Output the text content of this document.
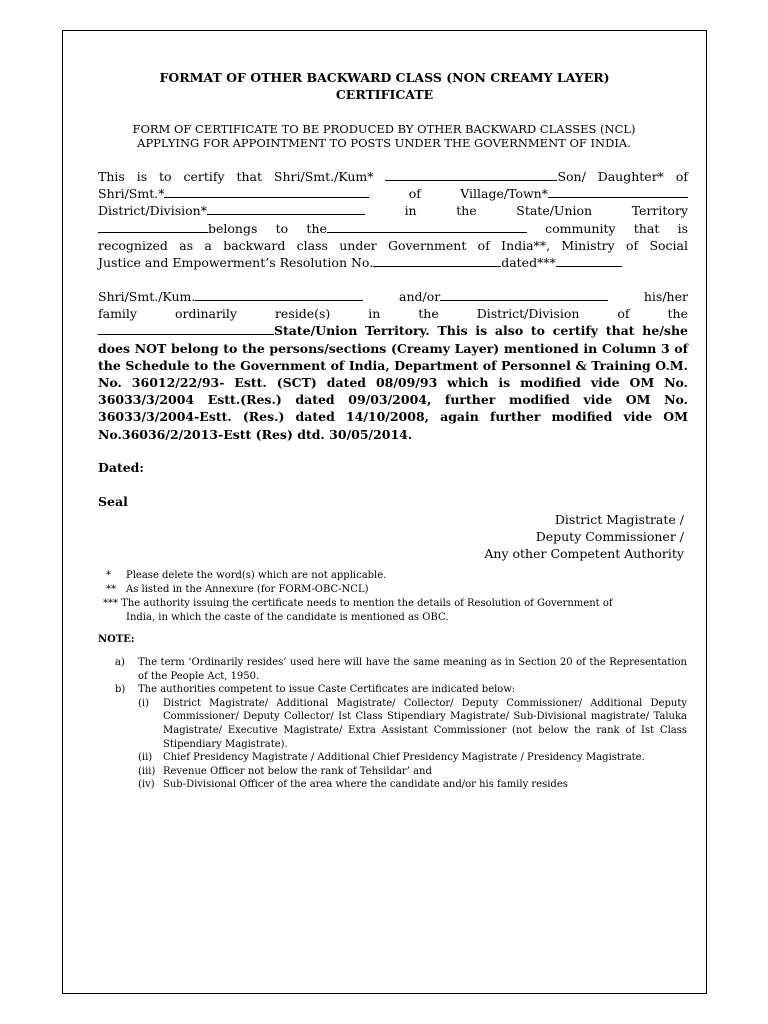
FORMAT OF OTHER BACKWARD CLASS (NON CREAMY LAYER)
CERTIFICATE
FORM OF CERTIFICATE TO BE PRODUCED BY OTHER BACKWARD CLASSES (NCL)
APPLYING FOR APPOINTMENT TO POSTS UNDER THE GOVERNMENT OF INDIA.
This is to certify that Shri/Smt./Kum*	Son/ Daughter* of
Shri/Smt.*	of	Village/Town*
District/Division*	in	the	State/Union	Territory
belongs to the	community that is
recognized as a backward class under Government of India**, Ministry of Social
Justice and Empowerment’s Resolution No.	dated***
Shri/Smt./Kum.	and/or	his/her
family	ordinarily	reside(s)	in	the	District/Division	of	the
State/Union Territory. This is also to certify that he/she
does NOT belong to the persons/sections (Creamy Layer) mentioned in Column 3 of
the Schedule to the Government of India, Department of Personnel & Training O.M.
No. 36012/22/93- Estt. (SCT) dated 08/09/93 which is modified vide OM No.
36033/3/2004 Estt.(Res.) dated 09/03/2004, further modified vide OM No.
36033/3/2004-Estt. (Res.) dated 14/10/2008, again further modified vide OM
No.36036/2/2013-Estt (Res) dtd. 30/05/2014.
Dated:
Seal
District Magistrate /
Deputy Commissioner /
Any other Competent Authority
*	Please delete the word(s) which are not applicable.
**	As listed in the Annexure (for FORM-OBC-NCL)
***
The authority issuing the certificate needs to mention the details of Resolution of Government of
India, in which the caste of the candidate is mentioned as OBC.
NOTE:
a)	The term ‘Ordinarily resides’ used here will have the same meaning as in Section 20 of the Representation of the People Act, 1950.
b)	The authorities competent to issue Caste Certificates are indicated below:
(i)	District Magistrate/ Additional Magistrate/ Collector/ Deputy Commissioner/ Additional Deputy Commissioner/ Deputy Collector/ Ist Class Stipendiary Magistrate/ Sub-Divisional magistrate/ Taluka Magistrate/ Executive Magistrate/ Extra Assistant Commissioner (not below the rank of Ist Class Stipendiary Magistrate).
(ii)	Chief Presidency Magistrate / Additional Chief Presidency Magistrate / Presidency Magistrate.
(iii) Revenue Officer not below the rank of Tehsildar’ and
(iv) Sub-Divisional Officer of the area where the candidate and/or his family resides
